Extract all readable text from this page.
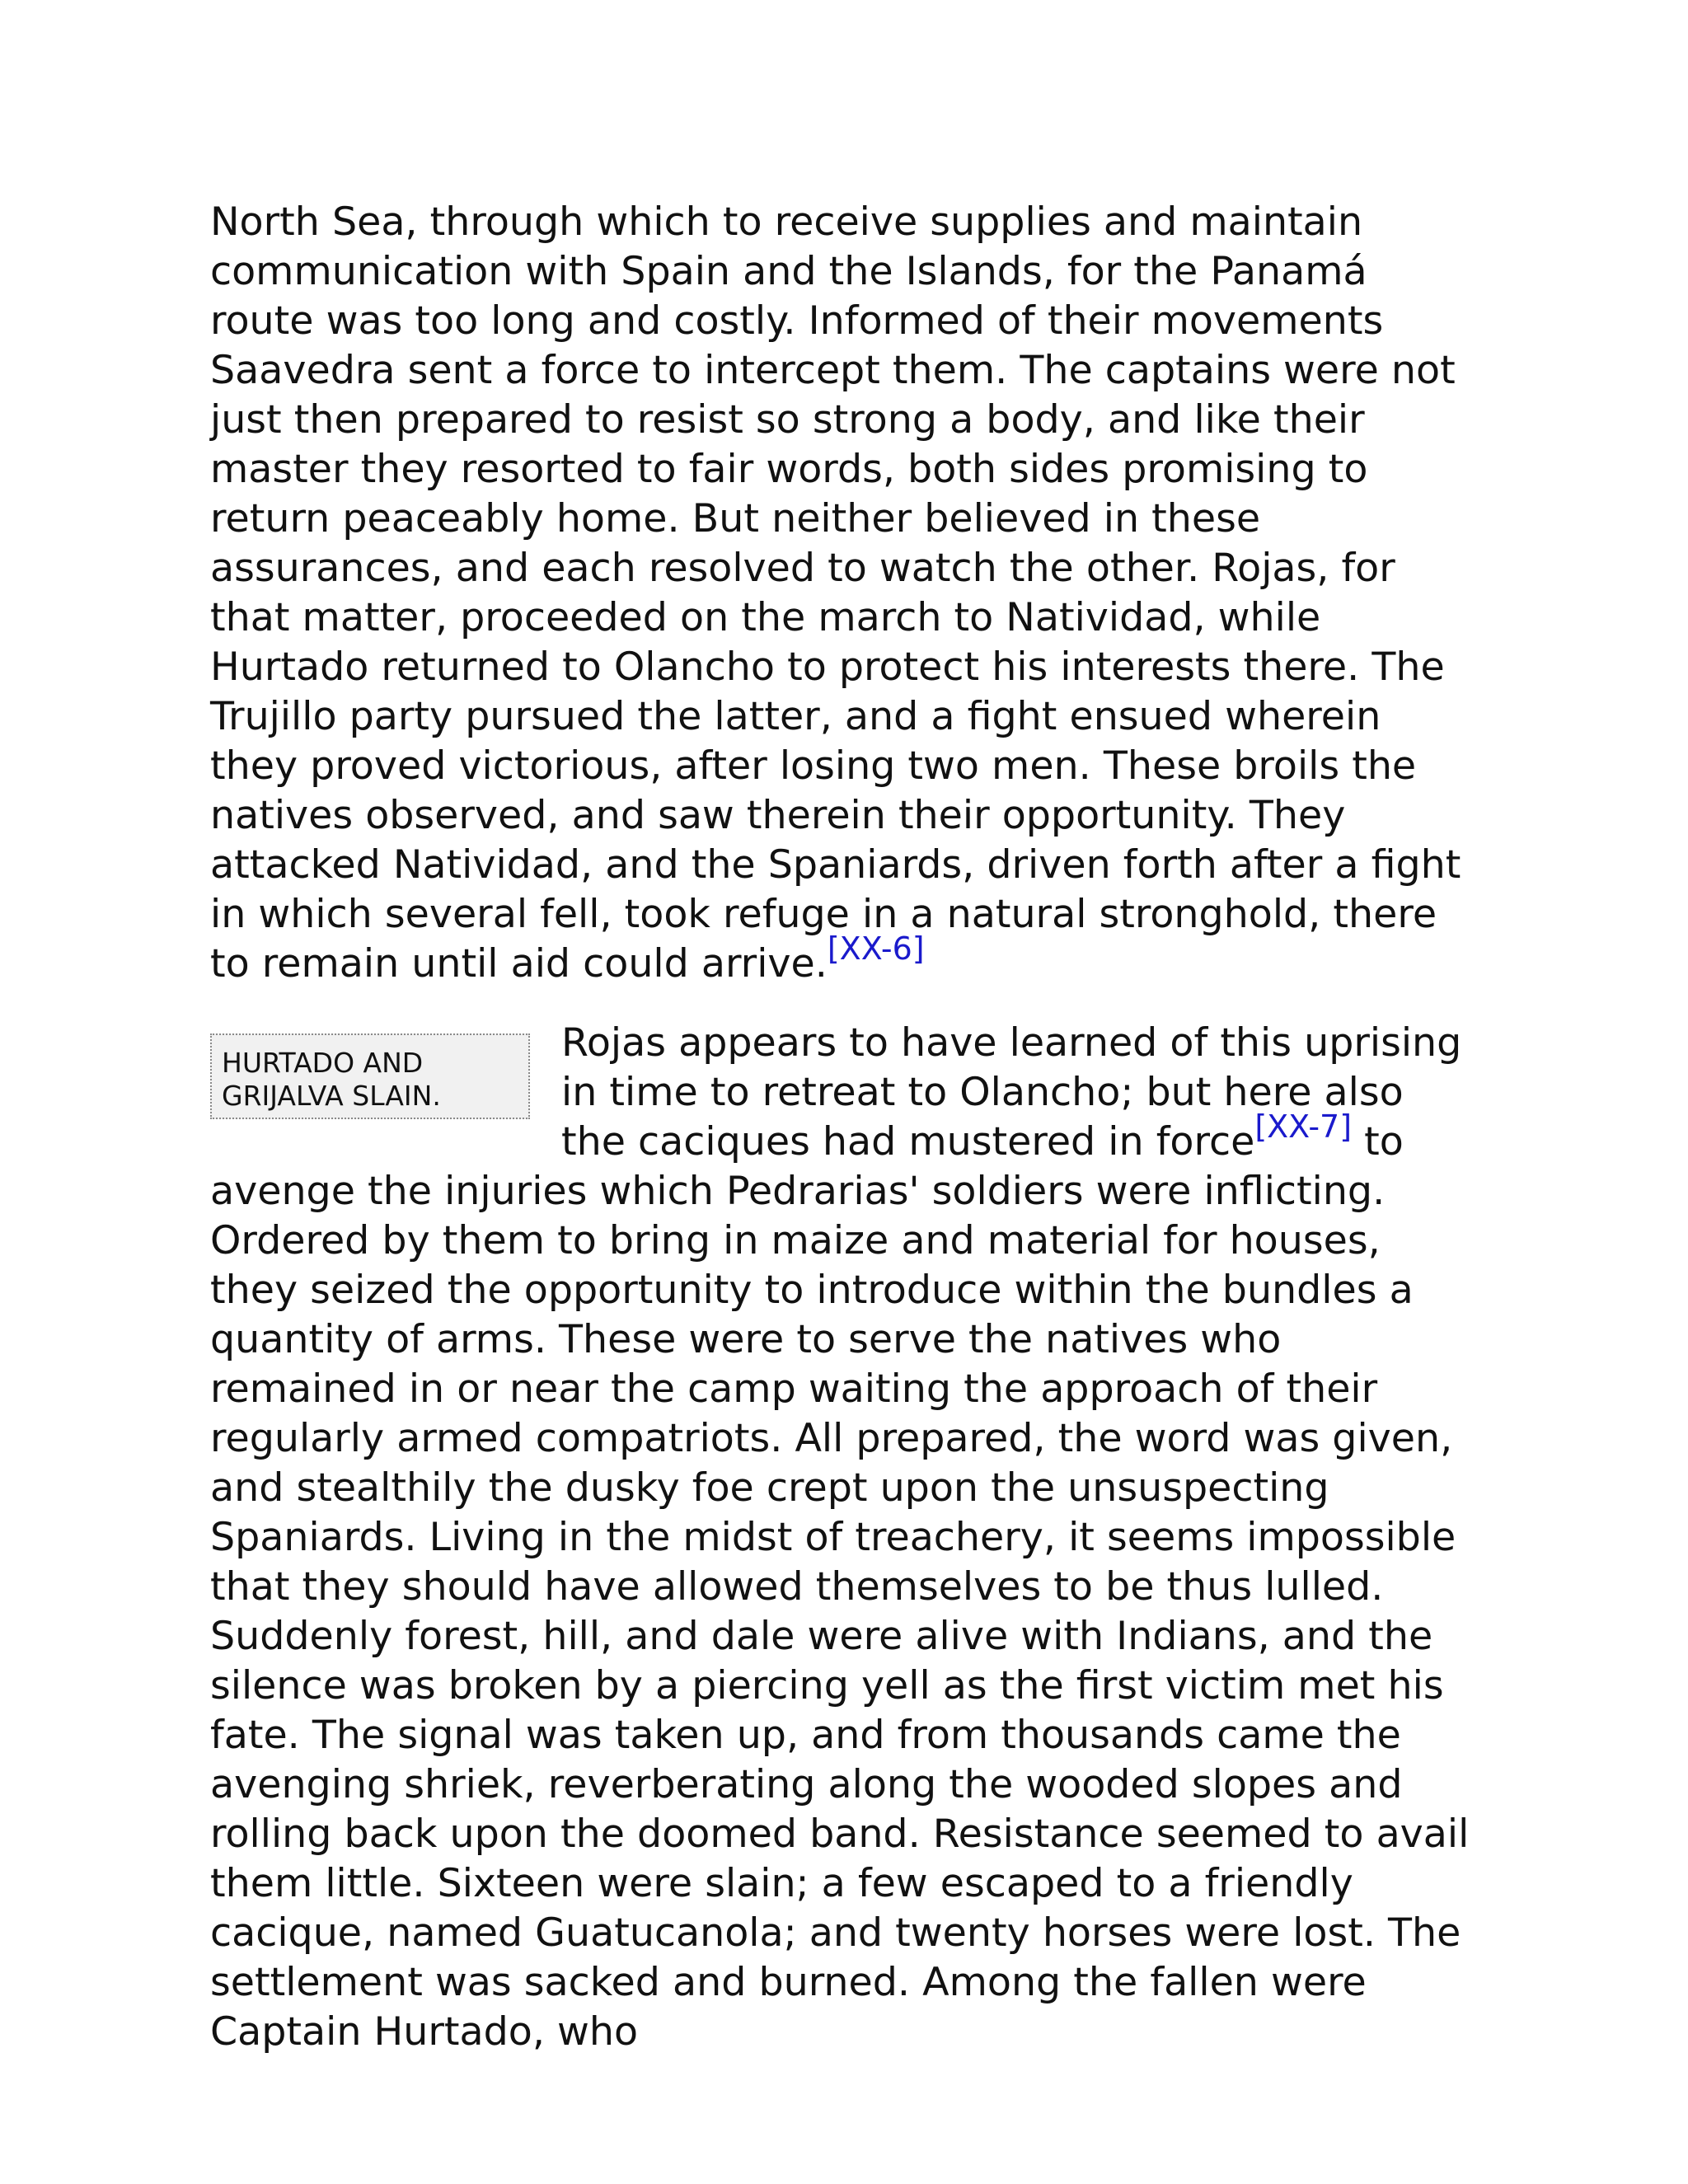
North Sea, through which to receive supplies and maintain communication with Spain and the Islands, for the Panamá route was too long and costly. Informed of their movements Saavedra sent a force to intercept them. The captains were not just then prepared to resist so strong a body, and like their master they resorted to fair words, both sides promising to return peaceably home. But neither believed in these assurances, and each resolved to watch the other. Rojas, for that matter, proceeded on the march to Natividad, while Hurtado returned to Olancho to protect his interests there. The Trujillo party pursued the latter, and a fight ensued wherein they proved victorious, after losing two men. These broils the natives observed, and saw therein their opportunity. They attacked Natividad, and the Spaniards, driven forth after a fight in which several fell, took refuge in a natural stronghold, there to remain until aid could arrive.[XX-6]

HURTADO AND
GRIJALVA SLAIN.
Rojas appears to have learned of this uprising in time to retreat to Olancho; but here also the caciques had mustered in force[XX-7] to avenge the injuries which Pedrarias' soldiers were inflicting. Ordered by them to bring in maize and material for houses, they seized the opportunity to introduce within the bundles a quantity of arms. These were to serve the natives who remained in or near the camp waiting the approach of their regularly armed compatriots. All prepared, the word was given, and stealthily the dusky foe crept upon the unsuspecting Spaniards. Living in the midst of treachery, it seems impossible that they should have allowed themselves to be thus lulled. Suddenly forest, hill, and dale were alive with Indians, and the silence was broken by a piercing yell as the first victim met his fate. The signal was taken up, and from thousands came the avenging shriek, reverberating along the wooded slopes and rolling back upon the doomed band. Resistance seemed to avail them little. Sixteen were slain; a few escaped to a friendly cacique, named Guatucanola; and twenty horses were lost. The settlement was sacked and burned. Among the fallen were Captain Hurtado, who
